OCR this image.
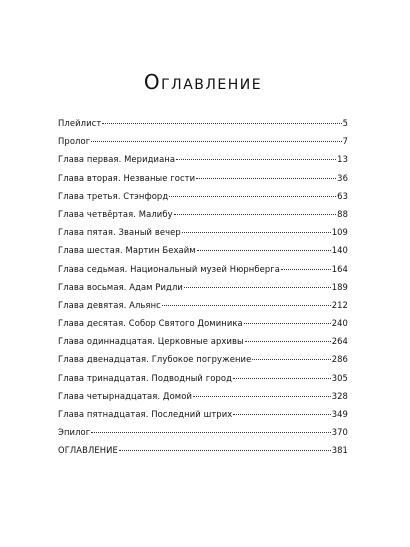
Оглавление
Плейлист	5
Пролог	7
Глава первая. Меридиана	13
Глава вторая. Незваные гости	36
Глава третья. Стэнфорд	63
Глава четвёртая. Малибу	88
Глава пятая. Званый вечер	109
Глава шестая. Мартин Бехайм	140
Глава седьмая. Национальный музей Нюрнберга	164
Глава восьмая. Адам Ридли	189
Глава девятая. Альянс	212
Глава десятая. Собор Святого Доминика	240
Глава одиннадцатая. Церковные архивы	264
Глава двенадцатая. Глубокое погружение	286
Глава тринадцатая. Подводный город	305
Глава четырнадцатая. Домой	328
Глава пятнадцатая. Последний штрих	349
Эпилог	370
ОГЛАВЛЕНИЕ	381
